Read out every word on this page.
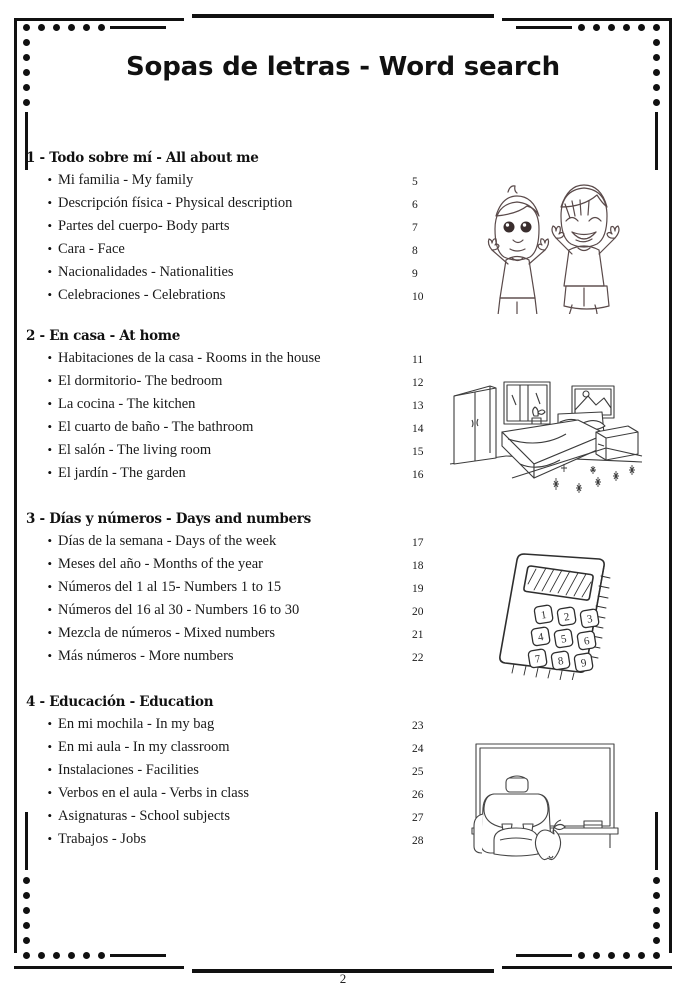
Sopas de letras - Word search
1 - Todo sobre mí - All about me
• Mi familia - My family	5
• Descripción física - Physical description	6
• Partes del cuerpo- Body parts	7
• Cara - Face	8
• Nacionalidades - Nationalities	9
• Celebraciones - Celebrations	10
2 - En casa - At home
• Habitaciones de la casa - Rooms in the house	11
• El dormitorio- The bedroom	12
• La cocina - The kitchen	13
• El cuarto de baño - The bathroom	14
• El salón - The living room	15
• El jardín - The garden	16
3 - Días y números - Days and numbers
• Días de la semana - Days of the week	17
• Meses del año - Months of the year	18
• Números del 1 al 15- Numbers 1 to 15	19
• Números del 16 al 30 - Numbers 16 to 30	20
• Mezcla de números - Mixed numbers	21
• Más números - More numbers	22
4 - Educación - Education
• En mi mochila - In my bag	23
• En mi aula - In my classroom	24
• Instalaciones - Facilities	25
• Verbos en el aula - Verbs in class	26
• Asignaturas - School subjects	27
• Trabajos - Jobs	28
1 2 3
4 5 6
7 8 9
2
